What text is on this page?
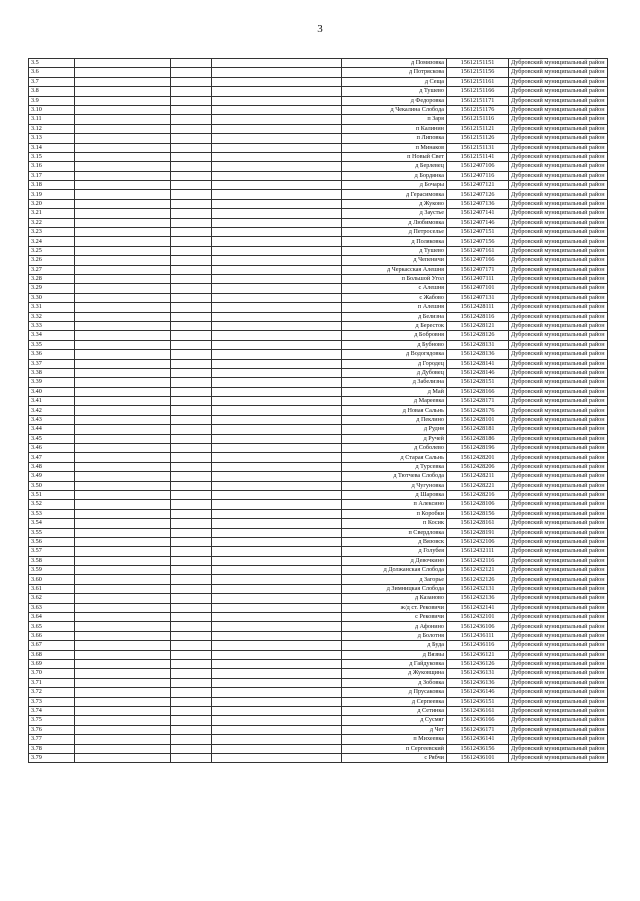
3
3.5				д Помязовка	15612151151	Дубровский муниципальный район
3.6				д Потряскова	15612151156	Дубровский муниципальный район
3.7				д Сеща	15612151161	Дубровский муниципальный район
3.8				д Тушево	15612151166	Дубровский муниципальный район
3.9				д Федоровка	15612151171	Дубровский муниципальный район
3.10				д Чекалина Слобода	15612151176	Дубровский муниципальный район
3.11				п Заря	15612151116	Дубровский муниципальный район
3.12				п Калинин	15612151121	Дубровский муниципальный район
3.13				п Липовка	15612151126	Дубровский муниципальный район
3.14				п Минаков	15612151131	Дубровский муниципальный район
3.15				п Новый Свет	15612151141	Дубровский муниципальный район
3.16				д Берлевец	15612407106	Дубровский муниципальный район
3.17				д Бордянка	15612407116	Дубровский муниципальный район
3.18				д Бочары	15612407121	Дубровский муниципальный район
3.19				д Герасимовка	15612407126	Дубровский муниципальный район
3.20				д Жуково	15612407136	Дубровский муниципальный район
3.21				д Заустье	15612407141	Дубровский муниципальный район
3.22				д Любимовка	15612407146	Дубровский муниципальный район
3.23				д Петроселье	15612407151	Дубровский муниципальный район
3.24				д Поляковка	15612407156	Дубровский муниципальный район
3.25				д Тушево	15612407161	Дубровский муниципальный район
3.26				д Чепеничи	15612407166	Дубровский муниципальный район
3.27				д Черкасская Алешня	15612407171	Дубровский муниципальный район
3.28				п Большой Угол	15612407111	Дубровский муниципальный район
3.29				с Алешня	15612407101	Дубровский муниципальный район
3.30				с Жабово	15612407131	Дубровский муниципальный район
3.31				п Алешня	15612428111	Дубровский муниципальный район
3.32				д Белизна	15612428116	Дубровский муниципальный район
3.33				д Бересток	15612428121	Дубровский муниципальный район
3.34				д Бобровня	15612428126	Дубровский муниципальный район
3.35				д Бубново	15612428131	Дубровский муниципальный район
3.36				д Водогядовка	15612428136	Дубровский муниципальный район
3.37				д Городец	15612428141	Дубровский муниципальный район
3.38				д Дубовец	15612428146	Дубровский муниципальный район
3.39				д Забелизна	15612428151	Дубровский муниципальный район
3.40				д Май	15612428166	Дубровский муниципальный район
3.41				д Мареевка	15612428171	Дубровский муниципальный район
3.42				д Новая Сальнь	15612428176	Дубровский муниципальный район
3.43				д Пеклино	15612428101	Дубровский муниципальный район
3.44				д Рудня	15612428181	Дубровский муниципальный район
3.45				д Ручей	15612428186	Дубровский муниципальный район
3.46				д Соболево	15612428196	Дубровский муниципальный район
3.47				д Старая Сальнь	15612428201	Дубровский муниципальный район
3.48				д Турсевка	15612428206	Дубровский муниципальный район
3.49				д Тютчева Слобода	15612428211	Дубровский муниципальный район
3.50				д Чугуновка	15612428221	Дубровский муниципальный район
3.51				д Шаровка	15612428216	Дубровский муниципальный район
3.52				п Алексино	15612428106	Дубровский муниципальный район
3.53				п Коробки	15612428156	Дубровский муниципальный район
3.54				п Косик	15612428161	Дубровский муниципальный район
3.55				п Свердловка	15612428191	Дубровский муниципальный район
3.56				д Вязовск	15612432106	Дубровский муниципальный район
3.57				д Голубея	15612432111	Дубровский муниципальный район
3.58				д Девочкино	15612432116	Дубровский муниципальный район
3.59				д Должанская Слобода	15612432121	Дубровский муниципальный район
3.60				д Загорье	15612432126	Дубровский муниципальный район
3.61				д Зимницкая Слобода	15612432131	Дубровский муниципальный район
3.62				д Казаново	15612432136	Дубровский муниципальный район
3.63				ж/д ст. Рековичи	15612432141	Дубровский муниципальный район
3.64				с Рековичи	15612432101	Дубровский муниципальный район
3.65				д Афонино	15612436106	Дубровский муниципальный район
3.66				д Болотня	15612436111	Дубровский муниципальный район
3.67				д Буда	15612436116	Дубровский муниципальный район
3.68				д Вязвы	15612436121	Дубровский муниципальный район
3.69				д Гайдуковка	15612436126	Дубровский муниципальный район
3.70				д Жуковщина	15612436131	Дубровский муниципальный район
3.71				д Зобовка	15612436136	Дубровский муниципальный район
3.72				д Прусаковка	15612436146	Дубровский муниципальный район
3.73				д Серпеевка	15612436151	Дубровский муниципальный район
3.74				д Сетинка	15612436161	Дубровский муниципальный район
3.75				д Сусмяг	15612436166	Дубровский муниципальный район
3.76				д Чет	15612436171	Дубровский муниципальный район
3.77				п Михеевка	15612436141	Дубровский муниципальный район
3.78				п Сергеевский	15612436156	Дубровский муниципальный район
3.79				с Рябчи	15612436101	Дубровский муниципальный район
